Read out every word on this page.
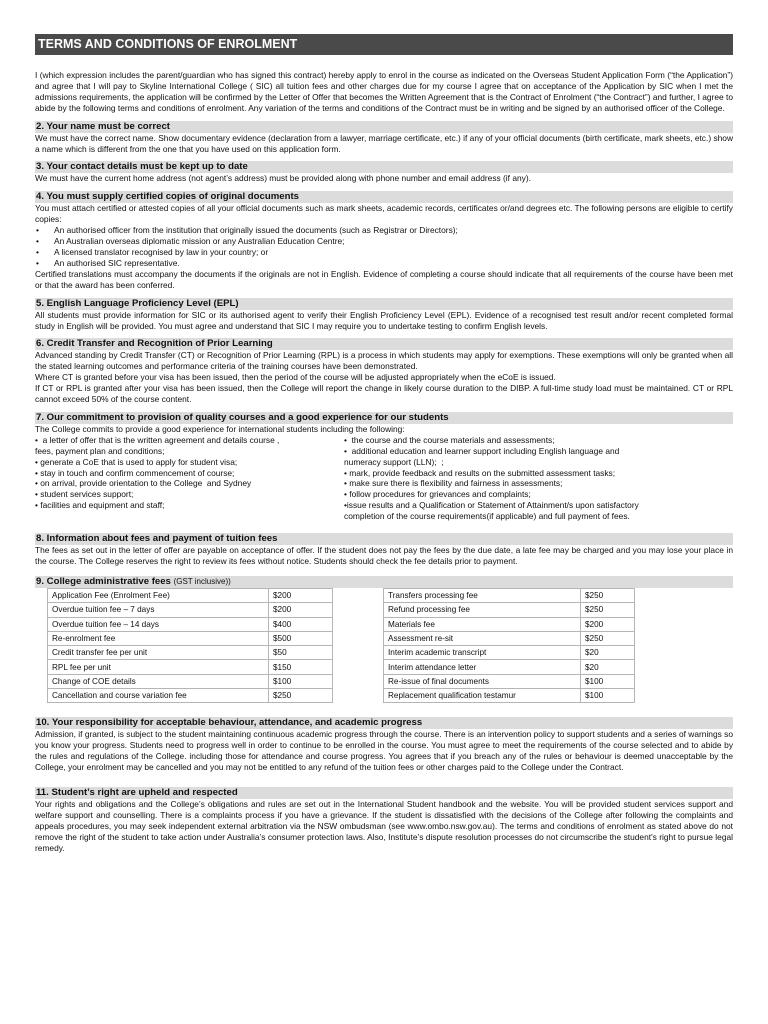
TERMS AND CONDITIONS OF ENROLMENT

I (which expression includes the parent/guardian who has signed this contract) hereby apply to enrol in the course as indicated on the Overseas Student Application Form (“the Application”) and agree that I will pay to Skyline International College ( SIC) all tuition fees and other charges due for my course I agree that on acceptance of the Application by SIC when I met the admissions requirements, the application will be confirmed by the Letter of Offer that becomes the Written Agreement that is the Contract of Enrolment (“the Contract”) and further, I agree to abide by the following terms and conditions of enrolment. Any variation of the terms and conditions of the Contract must be in writing and be signed by an authorised officer of the College.

2. Your name must be correct

We must have the correct name. Show documentary evidence (declaration from a lawyer, marriage certificate, etc.) if any of your official documents (birth certificate, mark sheets, etc.) show a name which is different from the one that you have used on this application form.

3. Your contact details must be kept up to date

We must have the current home address (not agent’s address) must be provided along with phone number and email address (if any).

4. You must supply certified copies of original documents

You must attach certified or attested copies of all your official documents such as mark sheets, academic records, certificates or/and degrees etc. The following persons are eligible to certify copies:

• An authorised officer from the institution that originally issued the documents (such as Registrar or Directors);
• An Australian overseas diplomatic mission or any Australian Education Centre;
• A licensed translator recognised by law in your country; or
• An authorised SIC representative.

Certified translations must accompany the documents if the originals are not in English. Evidence of completing a course should indicate that all requirements of the course have been met or that the award has been conferred.

5. English Language Proficiency Level (EPL)

All students must provide information for SIC or its authorised agent to verify their English Proficiency Level (EPL). Evidence of a recognised test result and/or recent completed formal study in English will be provided. You must agree and understand that SIC I may require you to undertake testing to confirm English levels.

6. Credit Transfer and Recognition of Prior Learning

Advanced standing by Credit Transfer (CT) or Recognition of Prior Learning (RPL) is a process in which students may apply for exemptions. These exemptions will only be granted when all the stated learning outcomes and performance criteria of the training courses have been demonstrated.

Where CT is granted before your visa has been issued, then the period of the course will be adjusted appropriately when the eCoE is issued.

If CT or RPL is granted after your visa has been issued, then the College will report the change in likely course duration to the DIBP. A full-time study load must be maintained. CT or RPL cannot exceed 50% of the course content.

7. Our commitment to provision of quality courses and a good experience for our students

The College commits to provide a good experience for international students including the following:

•  a letter of offer that is the written agreement and details course ,
fees, payment plan and conditions;
• generate a CoE that is used to apply for student visa;
• stay in touch and confirm commencement of course;
• on arrival, provide orientation to the College  and Sydney
• student services support;
• facilities and equipment and staff;
•  the course and the course materials and assessments;
•  additional education and learner support including English language and
numeracy support (LLN);  ;
• mark, provide feedback and results on the submitted assessment tasks;
• make sure there is flexibility and fairness in assessments;
• follow procedures for grievances and complaints;
•issue results and a Qualification or Statement of Attainment/s upon satisfactory
completion of the course requirements(if applicable) and full payment of fees.
8. Information about fees and payment of tuition fees

The fees as set out in the letter of offer are payable on acceptance of offer. If the student does not pay the fees by the due date, a late fee may be charged and you may lose your place in the course. The College reserves the right to review its fees without notice. Students should check the fee details prior to payment.

9. College administrative fees (GST inclusive))
Application Fee (Enrolment Fee)	$200
Overdue tuition fee – 7 days	$200
Overdue tuition fee – 14 days	$400
Re-enrolment fee	$500
Credit transfer fee per unit	$50
RPL fee per unit	$150
Change of COE details	$100
Cancellation and course variation fee	$250
Transfers processing fee	$250
Refund processing fee	$250
Materials fee	$200
Assessment re-sit	$250
Interim academic transcript	$20
Interim attendance letter	$20
Re-issue of final documents	$100
Replacement qualification testamur	$100
10. Your responsibility for acceptable behaviour, attendance, and academic progress

Admission, if granted, is subject to the student maintaining continuous academic progress through the course. There is an intervention policy to support students and a series of warnings so you know your progress. Students need to progress well in order to continue to be enrolled in the course. You must agree to meet the requirements of the course selected and to abide by the rules and regulations of the College. including those for attendance and course progress. You agrees that if you breach any of the rules or behaviour is deemed unacceptable by the College, your enrolment may be cancelled and you may not be entitled to any refund of the tuition fees or other charges paid to the College under the Contract.

11. Student’s right are upheld and respected

Your rights and obligations and the College’s obligations and rules are set out in the International Student handbook and the website. You will be provided student services support and welfare support and counselling. There is a complaints process if you have a grievance. If the student is dissatisfied with the decisions of the College after following the complaints and appeals procedures, you may seek independent external arbitration via the NSW ombudsman (see www.ombo.nsw.gov.au). The terms and conditions of enrolment as stated above do not remove the right of the student to take action under Australia’s consumer protection laws. Also, Institute’s dispute resolution processes do not circumscribe the student's right to pursue legal remedy.
